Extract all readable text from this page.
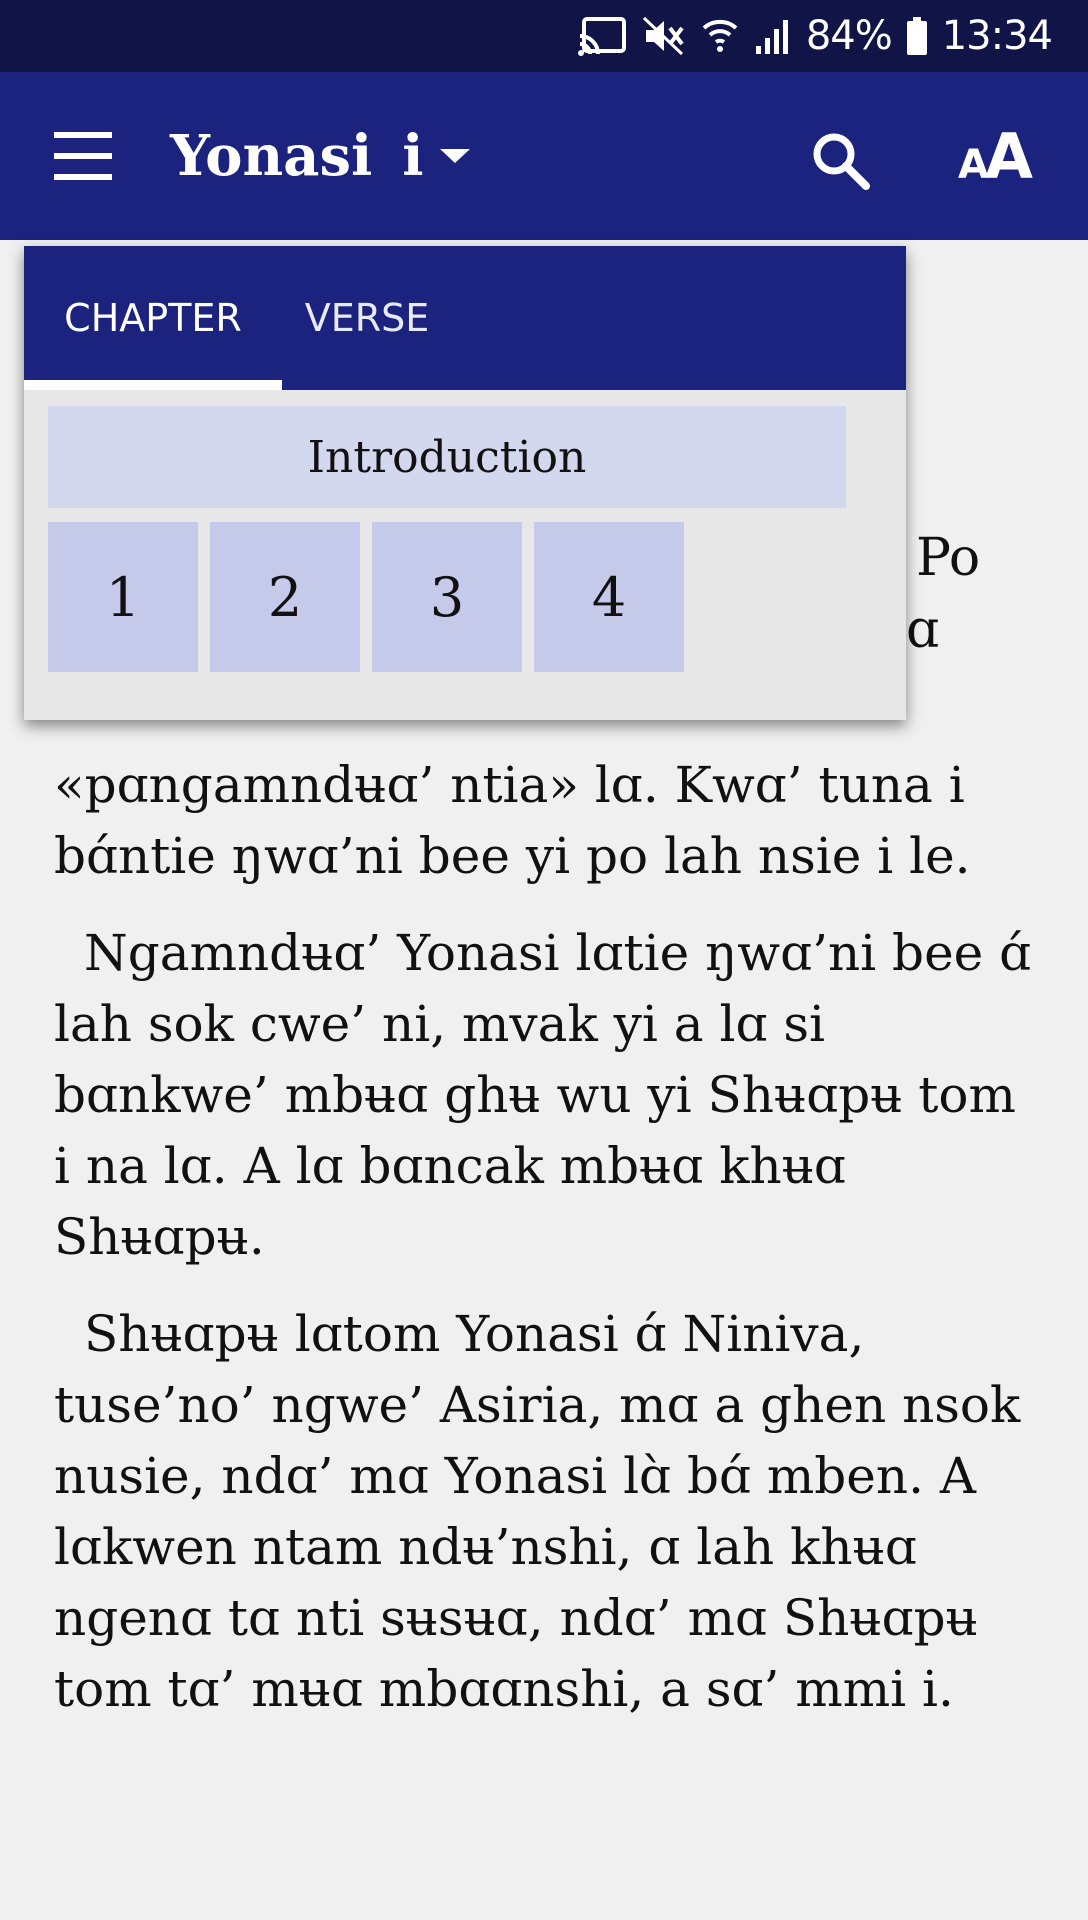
84% 13:34
Yonasi i	AA
Po
ɑ

«pɑngamndʉɑ’ ntia» lɑ. Kwɑ’ tuna i bɑ́ntie ŋwɑ’ni bee yi po lah nsie i le.

Ngamndʉɑ’ Yonasi lɑtie ŋwɑ’ni bee ɑ́ lah sok cwe’ ni, mvak yi a lɑ si bɑnkwe’ mbʉɑ ghʉ wu yi Shʉɑpʉ tom i na lɑ. A lɑ bɑncak mbʉɑ khʉɑ Shʉɑpʉ.

Shʉɑpʉ lɑtom Yonasi ɑ́ Niniva, tuse’no’ ngwe’ Asiria, mɑ a ghen nsok nusie, ndɑ’ mɑ Yonasi lɑ̀ bɑ́ mben. A lɑkwen ntam ndʉ’nshi, ɑ lah khʉɑ ngenɑ tɑ nti sʉsʉɑ, ndɑ’ mɑ Shʉɑpʉ tom tɑ’ mʉɑ mbɑɑnshi, a sɑ’ mmi i.

CHAPTER	VERSE
Introduction
1	2	3	4
